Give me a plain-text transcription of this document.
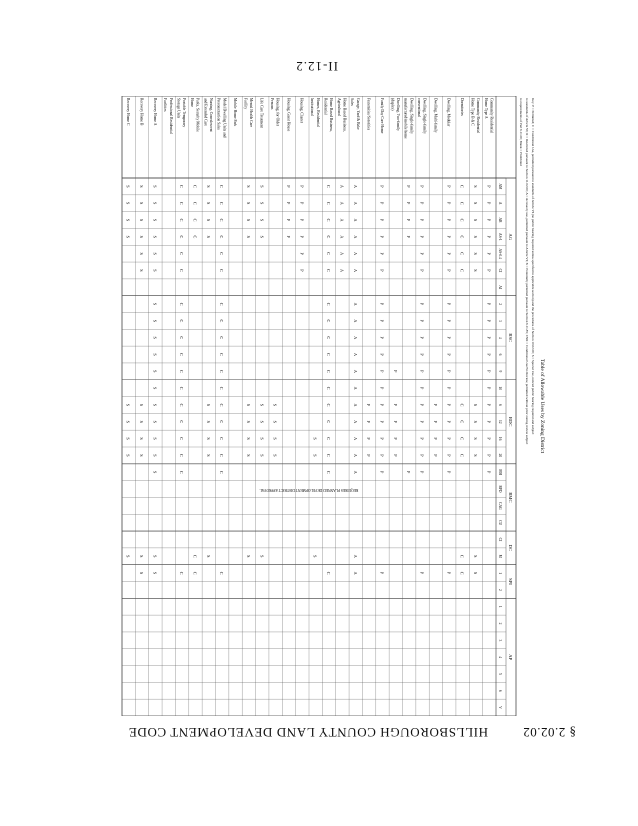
§ 2.02.02
HILLSBOROUGH COUNTY LAND DEVELOPMENT CODE
Table of Allowable Uses by Zoning District
Key: P = Permitted; C = Conditional Use, permitted pursuant to standards of Article VI (no public hearing required unless specified in applicable section) and the procedures of Section 10.02.00; S = Special Use, noticed public hearing required and subject
to standards of Article VI; R = Restricted pursuant to Section 11.02.00; A = Accessory use, permitted pursuant to Article VI; X = Potentially permitted pursuant to Section 6.11.85; CNR = Conditional Use/No Review, permitted without prior zoning review subject
to requirements of Part 6.11.00; Blank = Prohibited
AG
RSC
RDC
RMC
DC
SPI
AP
AM
A
AR
AS-1
AS-0.4
CI
AI
2
3
4
6
9
10
6
12
16
20
MH
RPD
CAG
CU
CI
M
1
2
1
2
3
4
5
6
V
Community Residential
Home Type A
P
P
P
P
P
P
P
P
P
P
P
P
P
P
P
P
P
Community Residential
Home Type B & C
S
S
S
S
S
S
S
S
S
S
S
S
Dormitories
C
C
C
C
C
C
C
C
C
C
C
C
Dwelling, Modular
P
P
P
P
P
P
P
P
P
P
P
P
P
P
P
P
P
P
Dwelling, Multi-family
P
P
P
P
Dwelling, Single-family
conventional
P
P
P
P
P
P
P
P
P
P
P
P
P
P
P
P
P
P
Dwelling, Single-family
manufactured/mobile home
P
P
P
P
P
Dwelling, Two-family
(duplex)
P
P
P
P
P
Family Day Care Home
P
P
P
P
P
P
P
P
P
P
P
P
P
P
P
P
P
P
Fraternities/Sororities
P
P
P
P
Garage, Yard & Bake
Sales
A
A
A
A
A
A
A
A
A
A
A
A
A
A
A
A
A
A
A
Home Based Business,
Agricultural
A
A
A
A
A
A
Home Based Business,
Residential
C
C
C
C
C
C
C
C
C
C
C
C
C
C
C
C
C
C
Homes, Residential
Institutional
S
S
S
Housing, Cluster
P
P
P
P
P
P
Housing, Guest House
P
P
P
P
Housing, for Older
Persons
S
S
S
S
Life Care Treatment
S
S
S
S
S
S
S
S
S
Mental Health Care
Facility
S
S
S
S
S
S
S
S
S
Mobile Home Park
Model Dwelling Units and
Preconstruction Sales
C
C
C
C
C
C
C
C
C
C
C
C
C
C
C
C
C
C
Nursing, Convalescent
and Extended Care
S
S
S
S
S
S
S
S
S
Parks, Security Mobile
Home
C
C
C
C
C
C
Portable Temporary
Storage Units
C
C
C
C
C
C
C
C
C
C
C
C
C
C
C
C
C
C
Professional Residential
Facilities
Recovery Home A
S
S
S
S
S
S
S
S
S
S
S
S
S
S
S
S
S
S
S
Recovery Home B
S
S
S
S
S
S
S
S
S
S
S
S
Recovery Home C
S
S
S
S
S
S
S
S
S
REQUIRES PLANNED DEVELOPMENT DISTRICT APPROVAL
II-12.2
